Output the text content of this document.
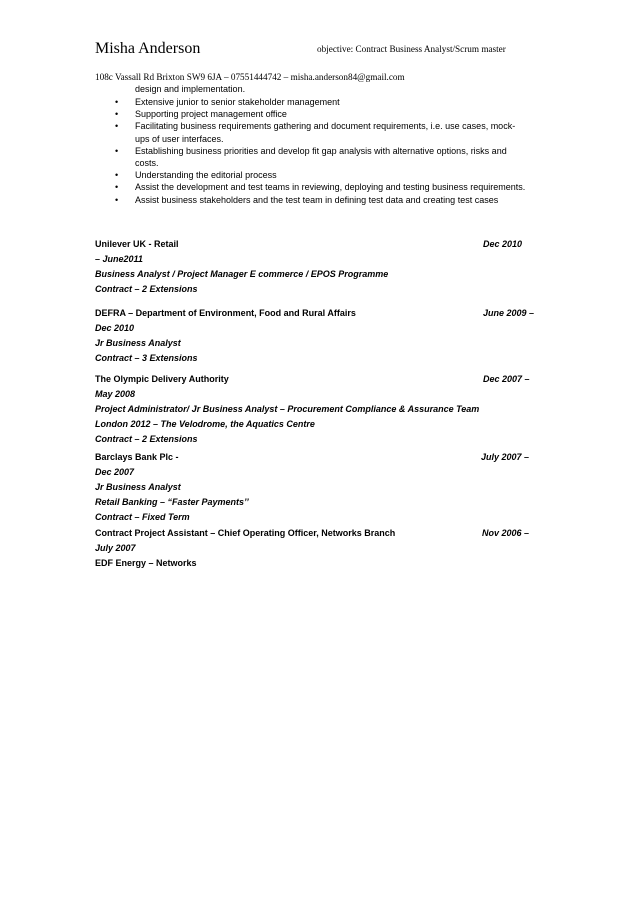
Misha Anderson	objective: Contract Business Analyst/Scrum master
108c Vassall Rd Brixton SW9 6JA – 07551444742 – misha.anderson84@gmail.com
design and implementation.
• Extensive junior to senior stakeholder management
• Supporting project management office
• Facilitating business requirements gathering and document requirements, i.e. use cases, mock-
ups of user interfaces.
• Establishing business priorities and develop fit gap analysis with alternative options, risks and
costs.
• Understanding the editorial process
• Assist the development and test teams in reviewing, deploying and testing business requirements.
• Assist business stakeholders and the test team in defining test data and creating test cases
Unilever UK - Retail	Dec 2010
– June2011
Business Analyst / Project Manager E commerce / EPOS Programme
Contract – 2 Extensions
DEFRA – Department of Environment, Food and Rural Affairs	June 2009 –
Dec 2010
Jr Business Analyst
Contract – 3 Extensions
The Olympic Delivery Authority	Dec 2007 –
May 2008
Project Administrator/ Jr Business Analyst – Procurement Compliance & Assurance Team
London 2012 – The Velodrome, the Aquatics Centre
Contract – 2 Extensions
Barclays Bank Plc -	July 2007 –
Dec 2007
Jr Business Analyst
Retail Banking – “Faster Payments’’
Contract – Fixed Term
Contract Project Assistant – Chief Operating Officer, Networks Branch	Nov 2006 –
July 2007
EDF Energy – Networks
